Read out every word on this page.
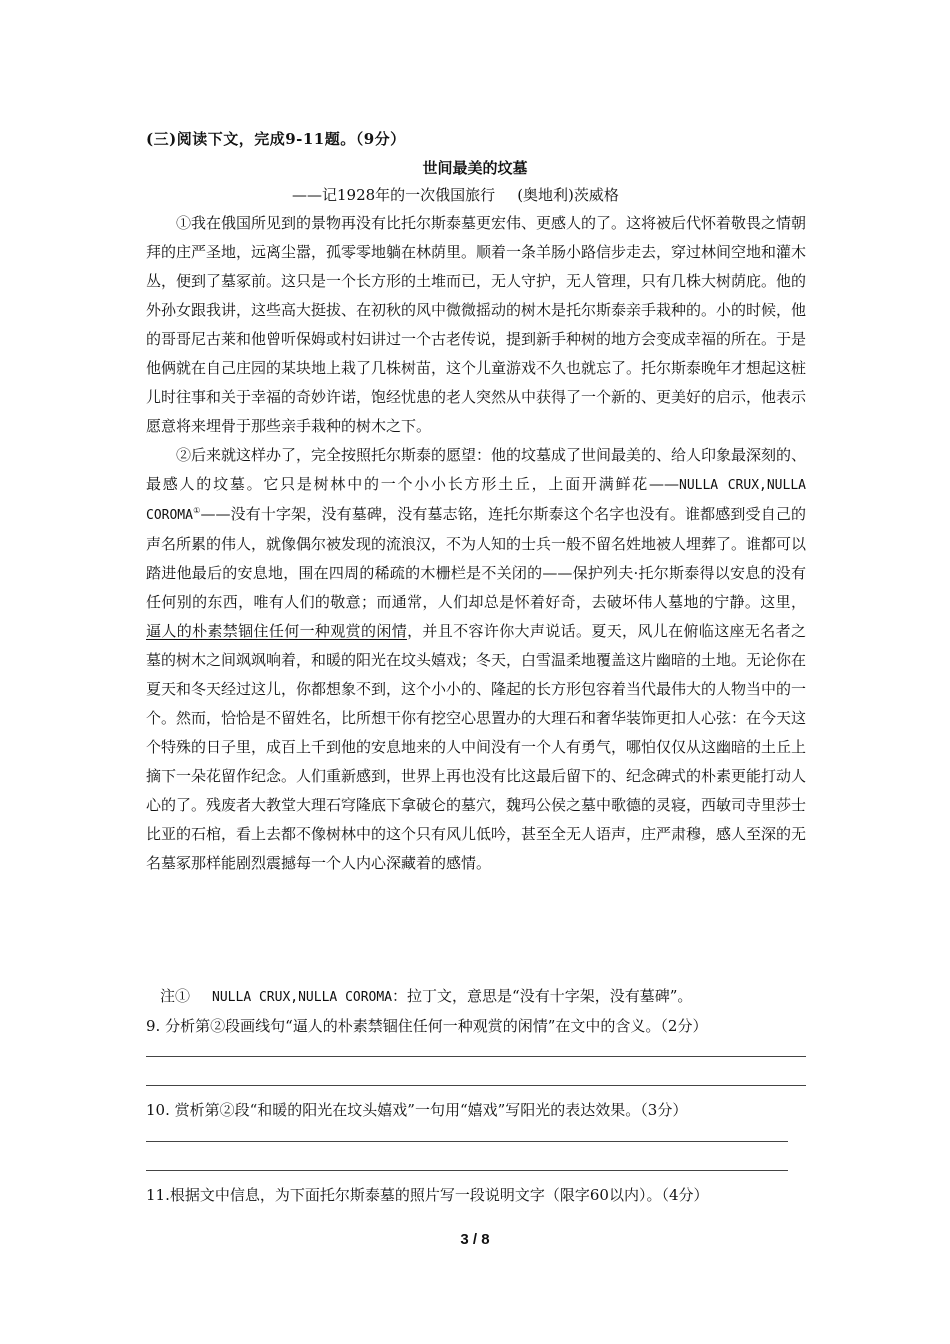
(三)阅读下文，完成9-11题。（9分）
世间最美的坟墓
——记1928年的一次俄国旅行 (奥地利)茨威格

①我在俄国所见到的景物再没有比托尔斯泰墓更宏伟、更感人的了。这将被后代怀着敬畏之情朝拜的庄严圣地，远离尘嚣，孤零零地躺在林荫里。顺着一条羊肠小路信步走去，穿过林间空地和灌木丛，便到了墓冢前。这只是一个长方形的土堆而已，无人守护，无人管理，只有几株大树荫庇。他的外孙女跟我讲，这些高大挺拔、在初秋的风中微微摇动的树木是托尔斯泰亲手栽种的。小的时候，他的哥哥尼古莱和他曾听保姆或村妇讲过一个古老传说，提到新手种树的地方会变成幸福的所在。于是他俩就在自己庄园的某块地上栽了几株树苗，这个儿童游戏不久也就忘了。托尔斯泰晚年才想起这桩儿时往事和关于幸福的奇妙许诺，饱经忧患的老人突然从中获得了一个新的、更美好的启示，他表示愿意将来埋骨于那些亲手栽种的树木之下。

②后来就这样办了，完全按照托尔斯泰的愿望：他的坟墓成了世间最美的、给人印象最深刻的、最感人的坟墓。它只是树林中的一个小小长方形土丘，上面开满鲜花——NULLA CRUX,NULLA COROMA①——没有十字架，没有墓碑，没有墓志铭，连托尔斯泰这个名字也没有。谁都感到受自己的声名所累的伟人，就像偶尔被发现的流浪汉，不为人知的士兵一般不留名姓地被人埋葬了。谁都可以踏进他最后的安息地，围在四周的稀疏的木栅栏是不关闭的——保护列夫·托尔斯泰得以安息的没有任何别的东西，唯有人们的敬意；而通常，人们却总是怀着好奇，去破坏伟人墓地的宁静。这里，逼人的朴素禁锢住任何一种观赏的闲情，并且不容许你大声说话。夏天，风儿在俯临这座无名者之墓的树木之间飒飒响着，和暖的阳光在坟头嬉戏；冬天，白雪温柔地覆盖这片幽暗的土地。无论你在夏天和冬天经过这儿，你都想象不到，这个小小的、隆起的长方形包容着当代最伟大的人物当中的一个。然而，恰恰是不留姓名，比所想干你有挖空心思置办的大理石和奢华装饰更扣人心弦：在今天这个特殊的日子里，成百上千到他的安息地来的人中间没有一个人有勇气，哪怕仅仅从这幽暗的土丘上摘下一朵花留作纪念。人们重新感到，世界上再也没有比这最后留下的、纪念碑式的朴素更能打动人心的了。残废者大教堂大理石穹隆底下拿破仑的墓穴，魏玛公侯之墓中歌德的灵寝，西敏司寺里莎士比亚的石棺，看上去都不像树林中的这个只有风儿低吟，甚至全无人语声，庄严肃穆，感人至深的无名墓冢那样能剧烈震撼每一个人内心深藏着的感情。

注① NULLA CRUX,NULLA COROMA：拉丁文，意思是“没有十字架，没有墓碑”。
9. 分析第②段画线句“逼人的朴素禁锢住任何一种观赏的闲情”在文中的含义。（2分）
10. 赏析第②段“和暖的阳光在坟头嬉戏”一句用“嬉戏”写阳光的表达效果。（3分）
11.根据文中信息，为下面托尔斯泰墓的照片写一段说明文字（限字60以内）。（4分）
3 / 8
